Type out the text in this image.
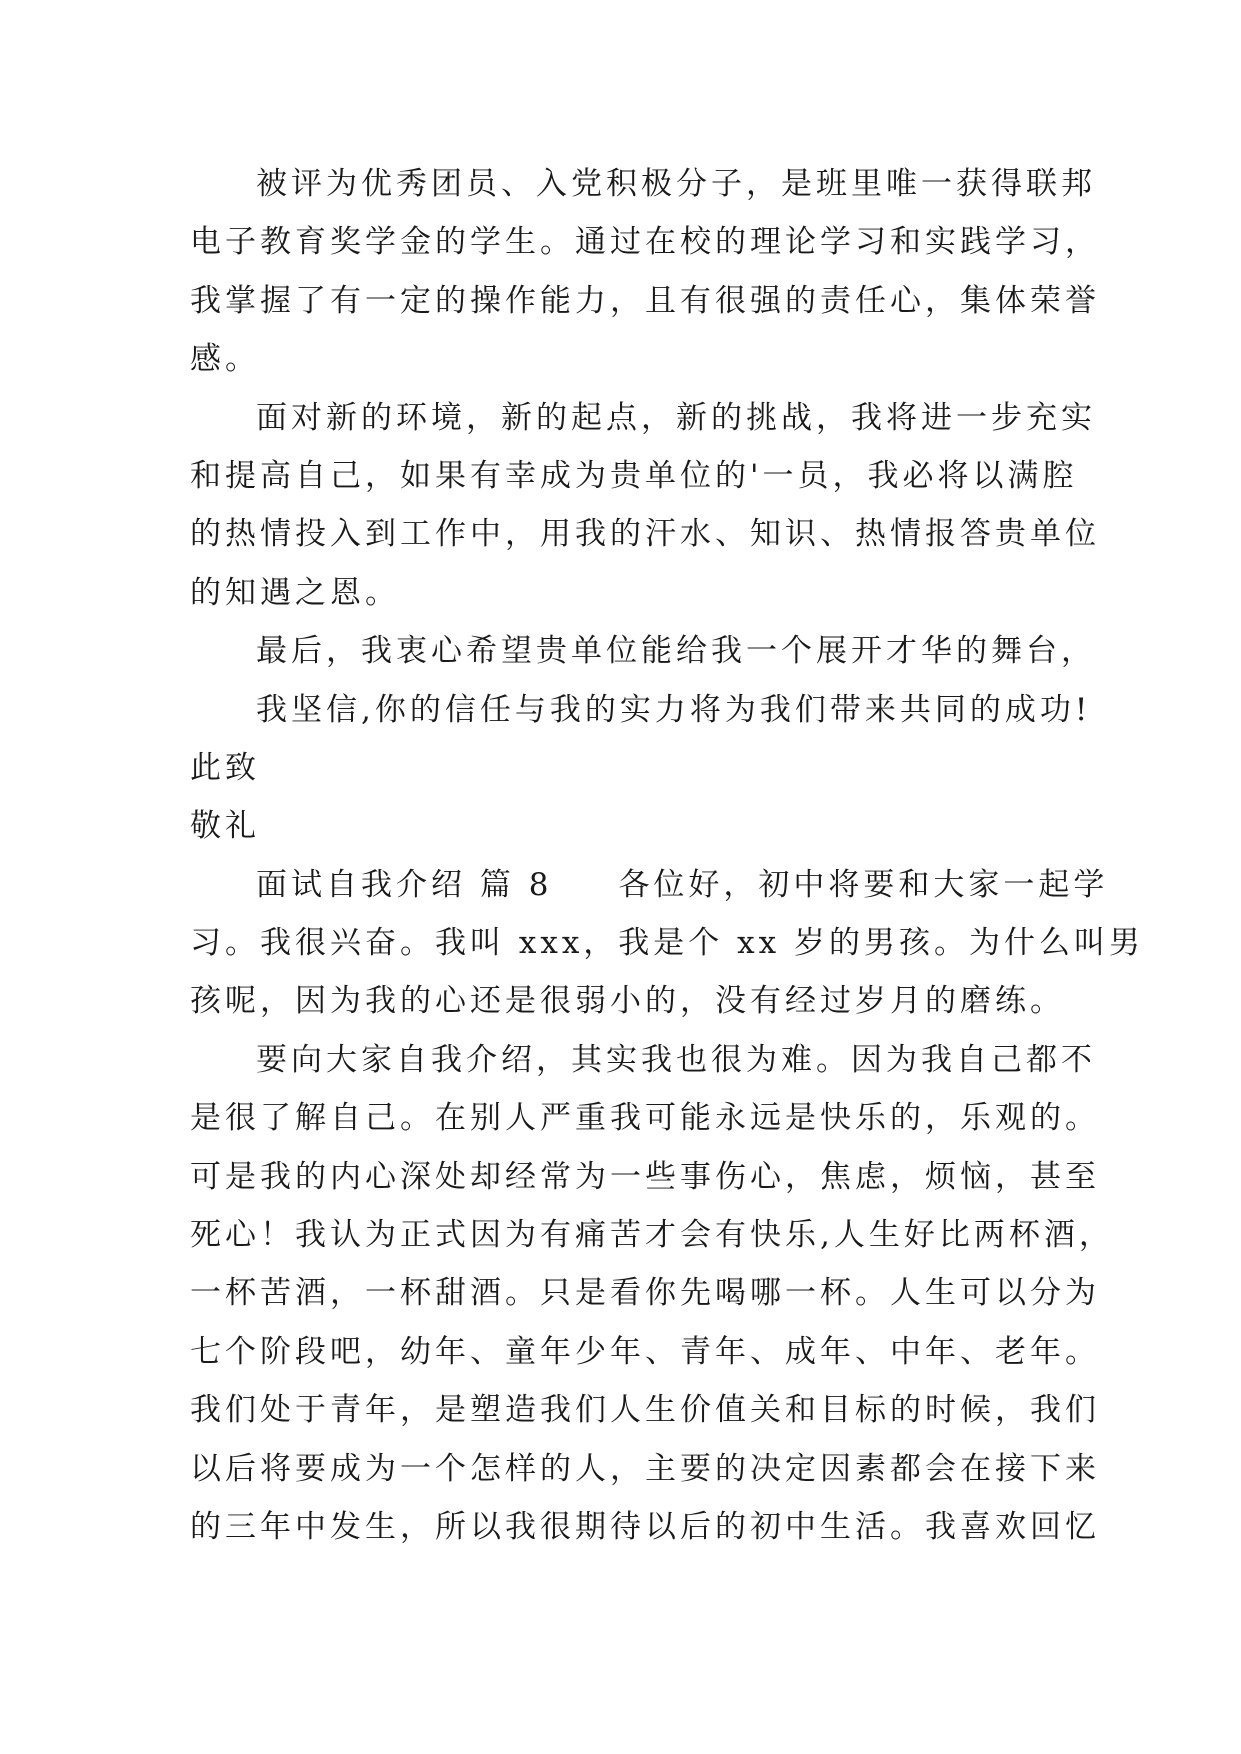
被评为优秀团员、入党积极分子，是班里唯一获得联邦
电子教育奖学金的学生。通过在校的理论学习和实践学习，
我掌握了有一定的操作能力，且有很强的责任心，集体荣誉
感。
面对新的环境，新的起点，新的挑战，我将进一步充实
和提高自己，如果有幸成为贵单位的'一员，我必将以满腔
的热情投入到工作中，用我的汗水、知识、热情报答贵单位
的知遇之恩。
最后，我衷心希望贵单位能给我一个展开才华的舞台，
我坚信,你的信任与我的实力将为我们带来共同的成功!
此致
敬礼
面试自我介绍 篇 8 各位好，初中将要和大家一起学
习。我很兴奋。我叫 xxx，我是个 xx 岁的男孩。为什么叫男
孩呢，因为我的心还是很弱小的，没有经过岁月的磨练。
要向大家自我介绍，其实我也很为难。因为我自己都不
是很了解自己。在别人严重我可能永远是快乐的，乐观的。
可是我的内心深处却经常为一些事伤心，焦虑，烦恼，甚至
死心！我认为正式因为有痛苦才会有快乐,人生好比两杯酒，
一杯苦酒，一杯甜酒。只是看你先喝哪一杯。人生可以分为
七个阶段吧，幼年、童年少年、青年、成年、中年、老年。
我们处于青年，是塑造我们人生价值关和目标的时候，我们
以后将要成为一个怎样的人，主要的决定因素都会在接下来
的三年中发生，所以我很期待以后的初中生活。我喜欢回忆
